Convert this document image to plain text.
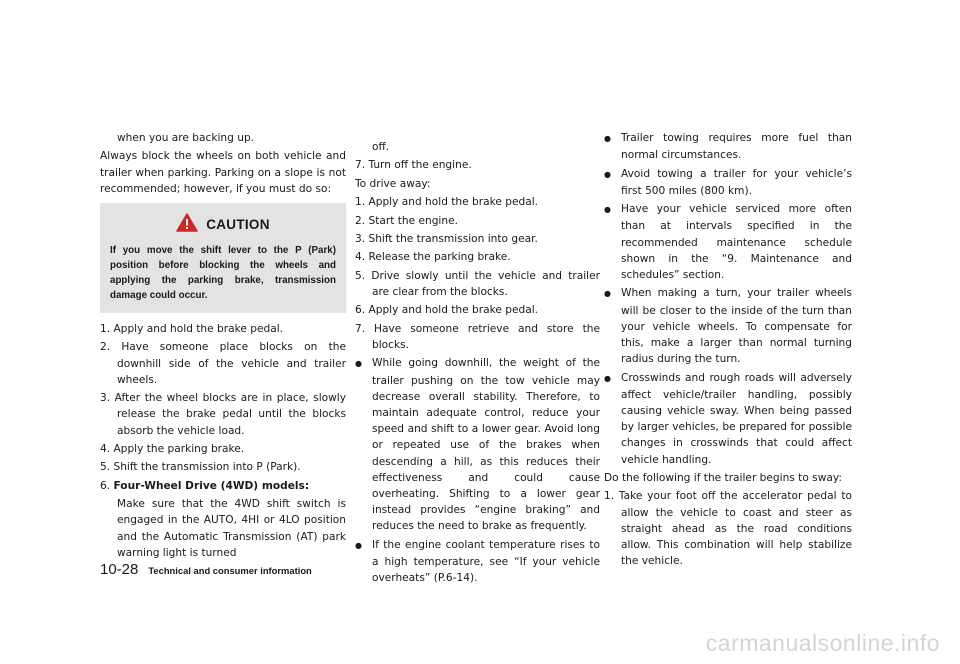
when you are backing up.

Always block the wheels on both vehicle and trailer when parking. Parking on a slope is not recommended; however, if you must do so:

CAUTION
If you move the shift lever to the P (Park) position before blocking the wheels and applying the parking brake, transmission damage could occur.

1. Apply and hold the brake pedal.

2. Have someone place blocks on the downhill side of the vehicle and trailer wheels.

3. After the wheel blocks are in place, slowly release the brake pedal until the blocks absorb the vehicle load.

4. Apply the parking brake.

5. Shift the transmission into P (Park).

6. Four-Wheel Drive (4WD) models:

Make sure that the 4WD shift switch is engaged in the AUTO, 4HI or 4LO position and the Automatic Transmission (AT) park warning light is turned

off.

7. Turn off the engine.

To drive away:

1. Apply and hold the brake pedal.

2. Start the engine.

3. Shift the transmission into gear.

4. Release the parking brake.

5. Drive slowly until the vehicle and trailer are clear from the blocks.

6. Apply and hold the brake pedal.

7. Have someone retrieve and store the blocks.

● While going downhill, the weight of the trailer pushing on the tow vehicle may decrease overall stability. Therefore, to maintain adequate control, reduce your speed and shift to a lower gear. Avoid long or repeated use of the brakes when descending a hill, as this reduces their effectiveness and could cause overheating. Shifting to a lower gear instead provides “engine braking” and reduces the need to brake as frequently.

● If the engine coolant temperature rises to a high temperature, see “If your vehicle overheats” (P.6-14).

● Trailer towing requires more fuel than normal circumstances.

● Avoid towing a trailer for your vehicle’s first 500 miles (800 km).

● Have your vehicle serviced more often than at intervals specified in the recommended maintenance schedule shown in the “9. Maintenance and schedules” section.

● When making a turn, your trailer wheels will be closer to the inside of the turn than your vehicle wheels. To compensate for this, make a larger than normal turning radius during the turn.

● Crosswinds and rough roads will adversely affect vehicle/trailer handling, possibly causing vehicle sway. When being passed by larger vehicles, be prepared for possible changes in crosswinds that could affect vehicle handling.

Do the following if the trailer begins to sway:

1. Take your foot off the accelerator pedal to allow the vehicle to coast and steer as straight ahead as the road conditions allow. This combination will help stabilize the vehicle.

10-28 Technical and consumer information
carmanualsonline.info
